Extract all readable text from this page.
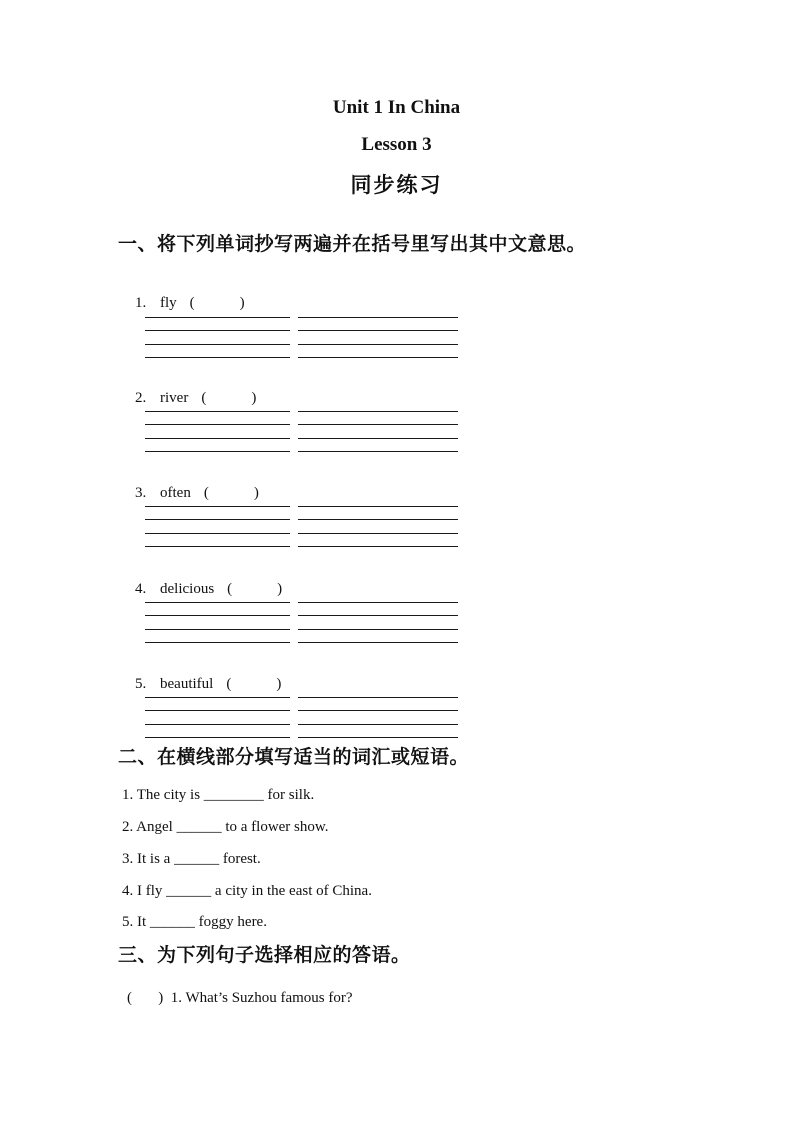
Unit 1 In China
Lesson 3
同步练习
一、将下列单词抄写两遍并在括号里写出其中文意思。

1. fly (            )

2. river (            )

3. often (            )

4. delicious (            )

5. beautiful (            )

二、在横线部分填写适当的词汇或短语。
1. The city is ________ for silk.
2. Angel ______ to a flower show.
3. It is a ______ forest.
4. I fly ______ a city in the east of China.
5. It ______ foggy here.
三、为下列句子选择相应的答语。
(       )  1. What’s Suzhou famous for?
